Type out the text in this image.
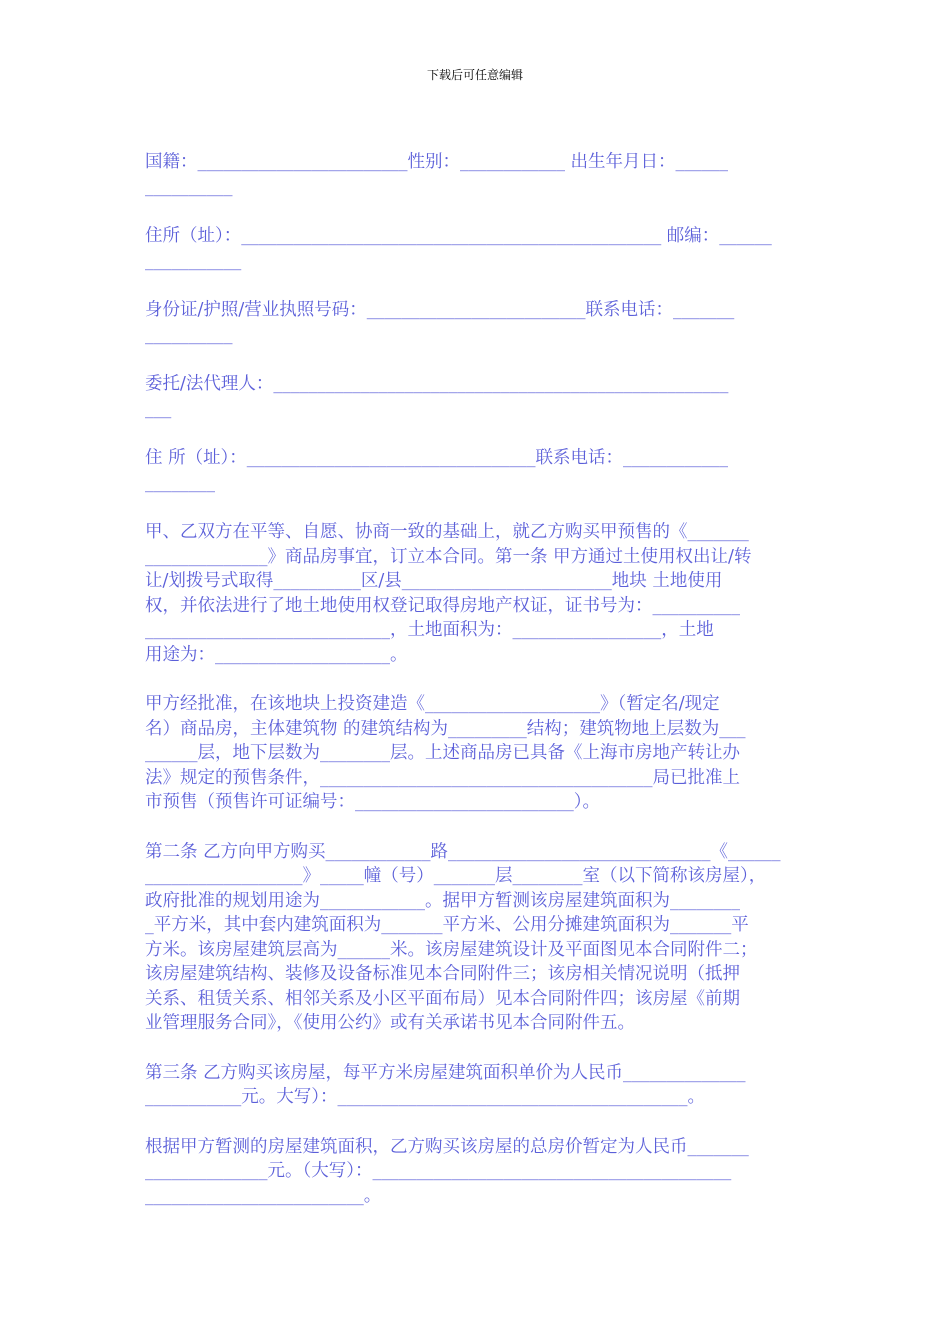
下载后可任意编辑

国籍：________________________性别：____________ 出生年月日：______

__________

住所（址）：________________________________________________ 邮编：______

___________

身份证/护照/营业执照号码：_________________________联系电话：_______

__________

委托/法代理人：____________________________________________________

___

住 所（址）：_________________________________联系电话：____________

________

甲、乙双方在平等、自愿、协商一致的基础上，就乙方购买甲预售的《_______

______________》商品房事宜，订立本合同。第一条 甲方通过土使用权出让/转

让/划拨号式取得__________区/县________________________地块 土地使用

权，并依法进行了地土地使用权登记取得房地产权证，证书号为：__________

____________________________，土地面积为：_________________，土地

用途为：____________________。

甲方经批准，在该地块上投资建造《____________________》（暂定名/现定

名）商品房，主体建筑物 的建筑结构为_________结构；建筑物地上层数为___

______层，地下层数为________层。上述商品房已具备《上海市房地产转让办

法》规定的预售条件，______________________________________局已批准上

市预售（预售许可证编号：_________________________）。

第二条 乙方向甲方购买____________路______________________________《______

__________________》_____幢（号）_______层________室（以下简称该房屋），

政府批准的规划用途为____________。据甲方暂测该房屋建筑面积为________

_平方米，其中套内建筑面积为_______平方米、公用分摊建筑面积为_______平

方米。该房屋建筑层高为______米。该房屋建筑设计及平面图见本合同附件二；

该房屋建筑结构、装修及设备标准见本合同附件三；该房相关情况说明（抵押

关系、租赁关系、相邻关系及小区平面布局）见本合同附件四；该房屋《前期

业管理服务合同》，《使用公约》或有关承诺书见本合同附件五。

第三条 乙方购买该房屋，每平方米房屋建筑面积单价为人民币______________

___________元。大写）：________________________________________。

根据甲方暂测的房屋建筑面积，乙方购买该房屋的总房价暂定为人民币_______

______________元。（大写）：_________________________________________

_________________________。
